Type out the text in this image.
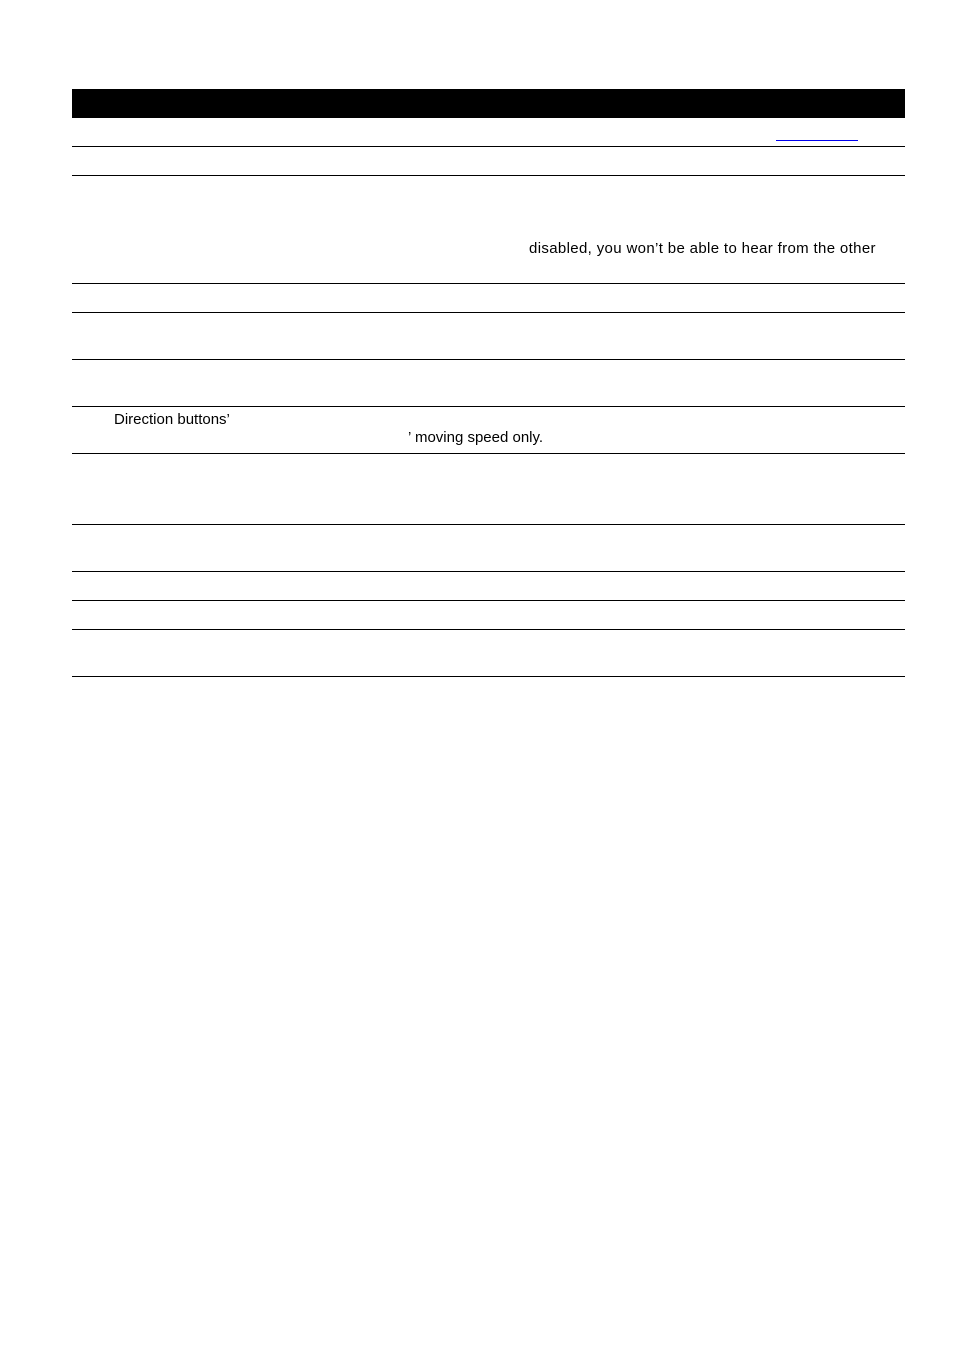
disabled, you won’t be able to hear from the other
Direction buttons’
’ moving speed only.
